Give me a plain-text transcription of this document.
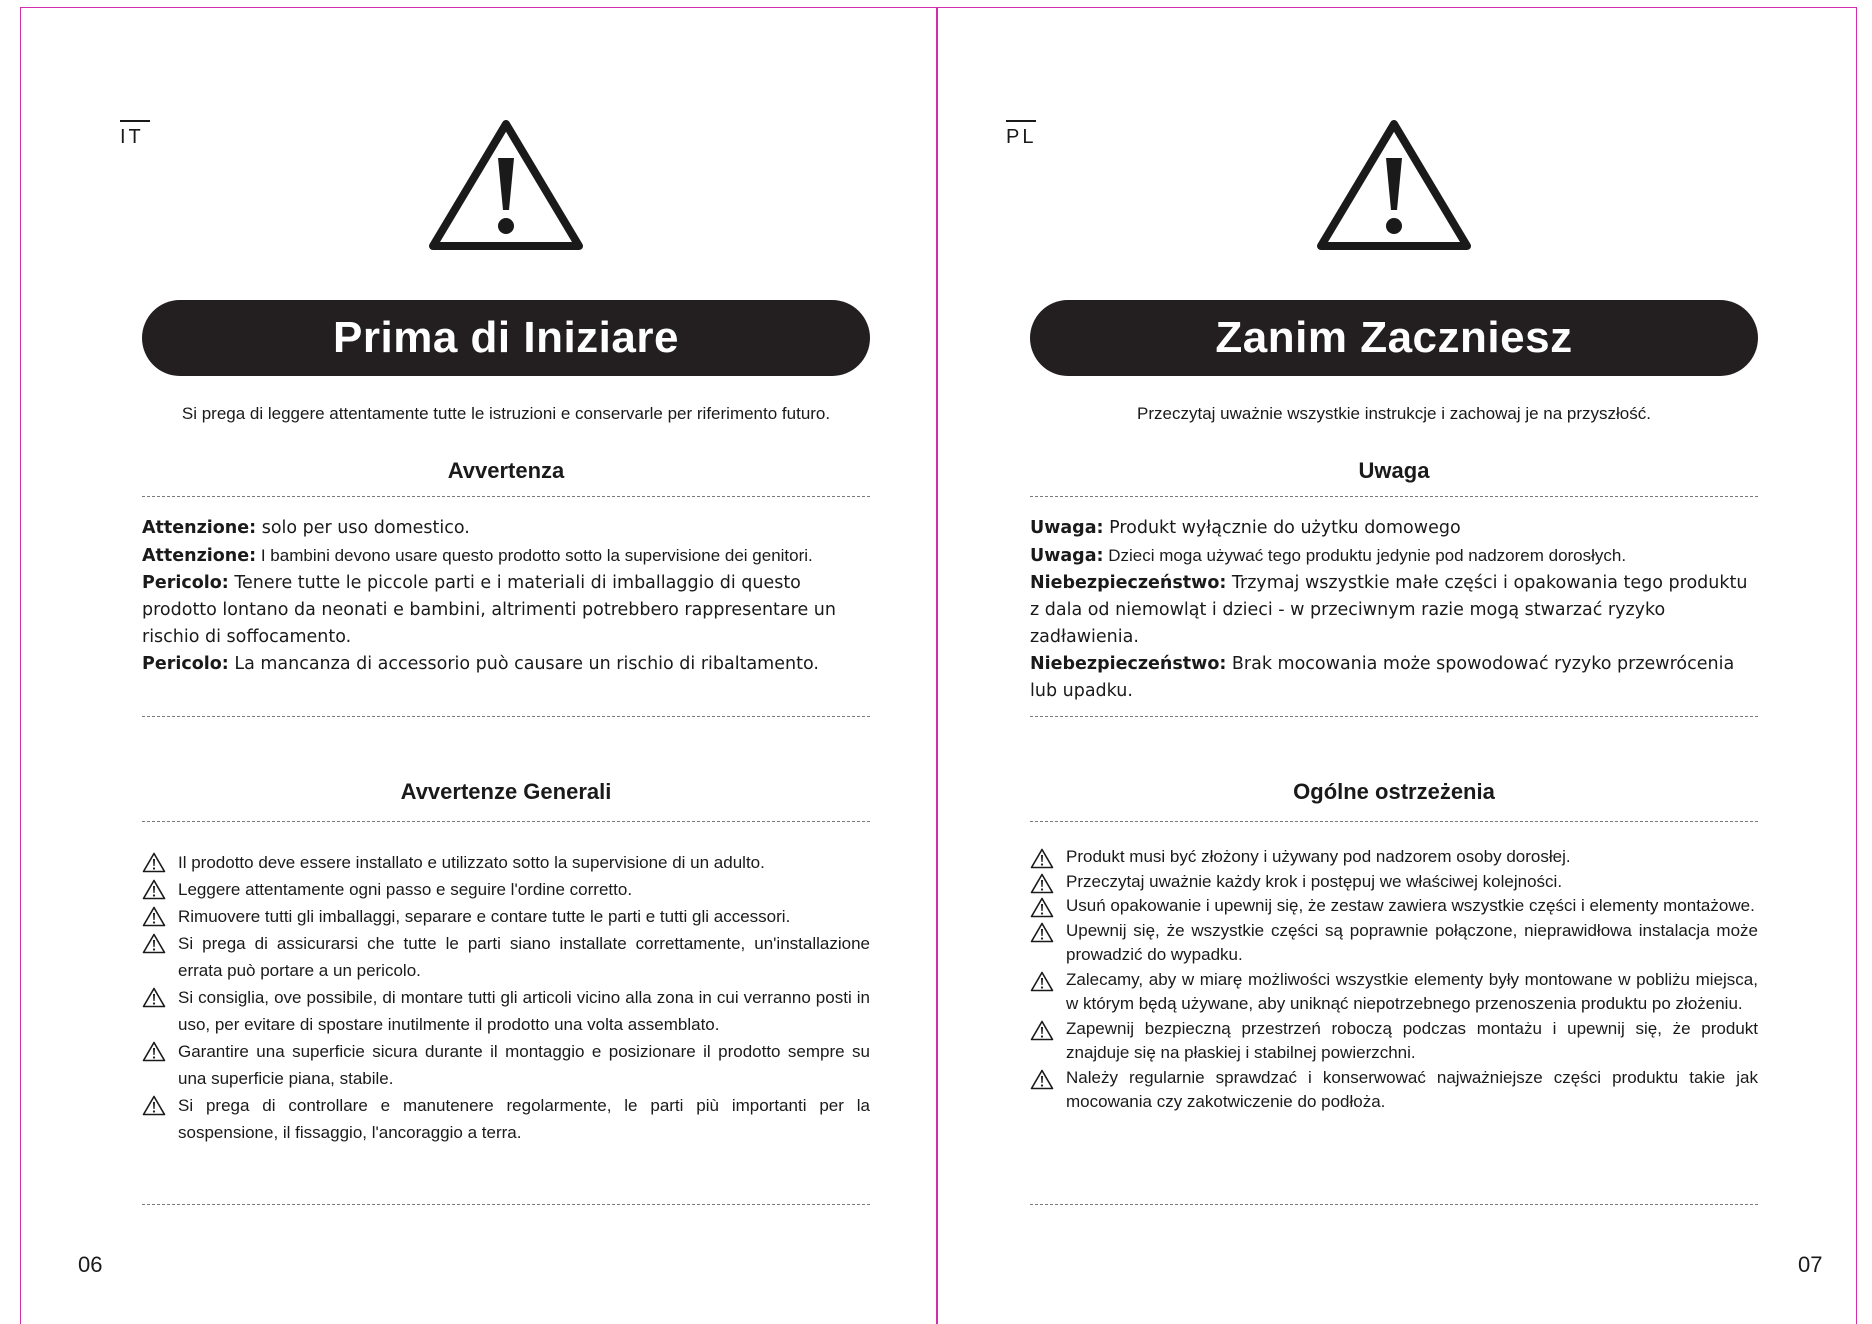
IT
Prima di Iniziare
Si prega di leggere attentamente tutte le istruzioni e conservarle per riferimento futuro.
Avvertenza

Attenzione: solo per uso domestico.

Attenzione: I bambini devono usare questo prodotto sotto la supervisione dei genitori.

Pericolo: Tenere tutte le piccole parti e i materiali di imballaggio di questo prodotto lontano da neonati e bambini, altrimenti potrebbero rappresentare un rischio di soffocamento.

Pericolo: La mancanza di accessorio può causare un rischio di ribaltamento.

Avvertenze Generali
Il prodotto deve essere installato e utilizzato sotto la supervisione di un adulto.
Leggere attentamente ogni passo e seguire l'ordine corretto.
Rimuovere tutti gli imballaggi, separare e contare tutte le parti e tutti gli accessori.
Si prega di assicurarsi che tutte le parti siano installate correttamente, un'installazione errata può portare a un pericolo.
Si consiglia, ove possibile, di montare tutti gli articoli vicino alla zona in cui verranno posti in uso, per evitare di spostare inutilmente il prodotto una volta assemblato.
Garantire una superficie sicura durante il montaggio e posizionare il prodotto sempre su una superficie piana, stabile.
Si prega di controllare e manutenere regolarmente, le parti più importanti per la sospensione, il fissaggio, l'ancoraggio a terra.
06
PL
Zanim Zaczniesz
Przeczytaj uważnie wszystkie instrukcje i zachowaj je na przyszłość.
Uwaga

Uwaga: Produkt wyłącznie do użytku domowego

Uwaga: Dzieci moga używać tego produktu jedynie pod nadzorem dorosłych.

Niebezpieczeństwo: Trzymaj wszystkie małe części i opakowania tego produktu z dala od niemowląt i dzieci - w przeciwnym razie mogą stwarzać ryzyko zadławienia.

Niebezpieczeństwo: Brak mocowania może spowodować ryzyko przewrócenia lub upadku.

Ogólne ostrzeżenia
Produkt musi być złożony i używany pod nadzorem osoby dorosłej.
Przeczytaj uważnie każdy krok i postępuj we właściwej kolejności.
Usuń opakowanie i upewnij się, że zestaw zawiera wszystkie części i elementy montażowe.
Upewnij się, że wszystkie części są poprawnie połączone, nieprawidłowa instalacja może prowadzić do wypadku.
Zalecamy, aby w miarę możliwości wszystkie elementy były montowane w pobliżu miejsca, w którym będą używane, aby uniknąć niepotrzebnego przenoszenia produktu po złożeniu.
Zapewnij bezpieczną przestrzeń roboczą podczas montażu i upewnij się, że produkt znajduje się na płaskiej i stabilnej powierzchni.
Należy regularnie sprawdzać i konserwować najważniejsze części produktu takie jak mocowania czy zakotwiczenie do podłoża.
07
